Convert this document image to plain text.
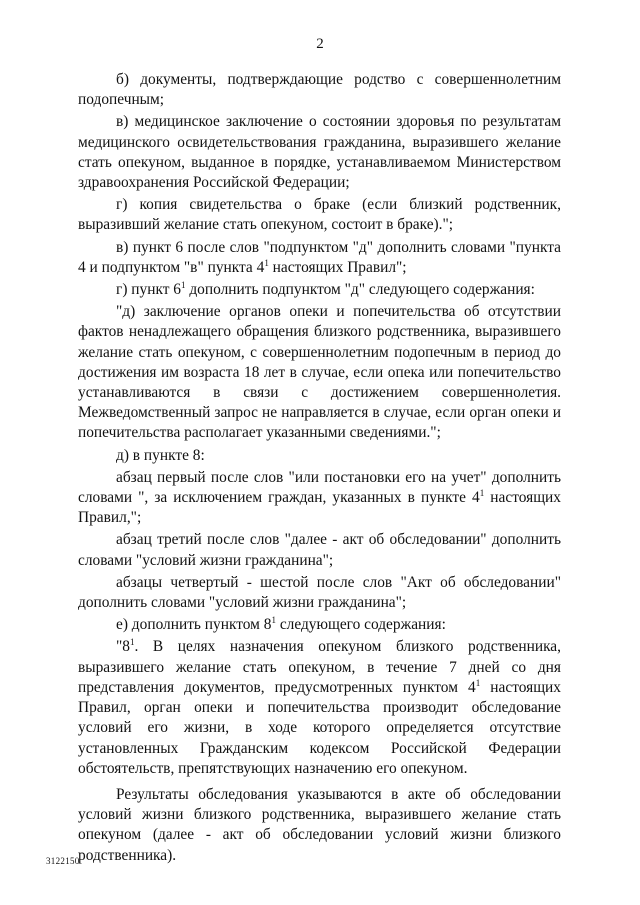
2

б) документы, подтверждающие родство с совершеннолетним подопечным;

в) медицинское заключение о состоянии здоровья по результатам медицинского освидетельствования гражданина, выразившего желание стать опекуном, выданное в порядке, устанавливаемом Министерством здравоохранения Российской Федерации;

г) копия свидетельства о браке (если близкий родственник, выразивший желание стать опекуном, состоит в браке).";

в) пункт 6 после слов "подпунктом "д" дополнить словами "пункта 4 и подпунктом "в" пункта $4^1$ настоящих Правил";

г) пункт $6^1$ дополнить подпунктом "д" следующего содержания:

"д) заключение органов опеки и попечительства об отсутствии фактов ненадлежащего обращения близкого родственника, выразившего желание стать опекуном, с совершеннолетним подопечным в период до достижения им возраста 18 лет в случае, если опека или попечительство устанавливаются в связи с достижением совершеннолетия. Межведомственный запрос не направляется в случае, если орган опеки и попечительства располагает указанными сведениями.";

д) в пункте 8:

абзац первый после слов "или постановки его на учет" дополнить словами ", за исключением граждан, указанных в пункте $4^1$ настоящих Правил,";

абзац третий после слов "далее - акт об обследовании" дополнить словами "условий жизни гражданина";

абзацы четвертый - шестой после слов "Акт об обследовании" дополнить словами "условий жизни гражданина";

е) дополнить пунктом $8^1$ следующего содержания:

"$8^1$. В целях назначения опекуном близкого родственника, выразившего желание стать опекуном, в течение 7 дней со дня представления документов, предусмотренных пунктом $4^1$ настоящих Правил, орган опеки и попечительства производит обследование условий его жизни, в ходе которого определяется отсутствие установленных Гражданским кодексом Российской Федерации обстоятельств, препятствующих назначению его опекуном.

Результаты обследования указываются в акте об обследовании условий жизни близкого родственника, выразившего желание стать опекуном (далее - акт об обследовании условий жизни близкого родственника).

3122150
